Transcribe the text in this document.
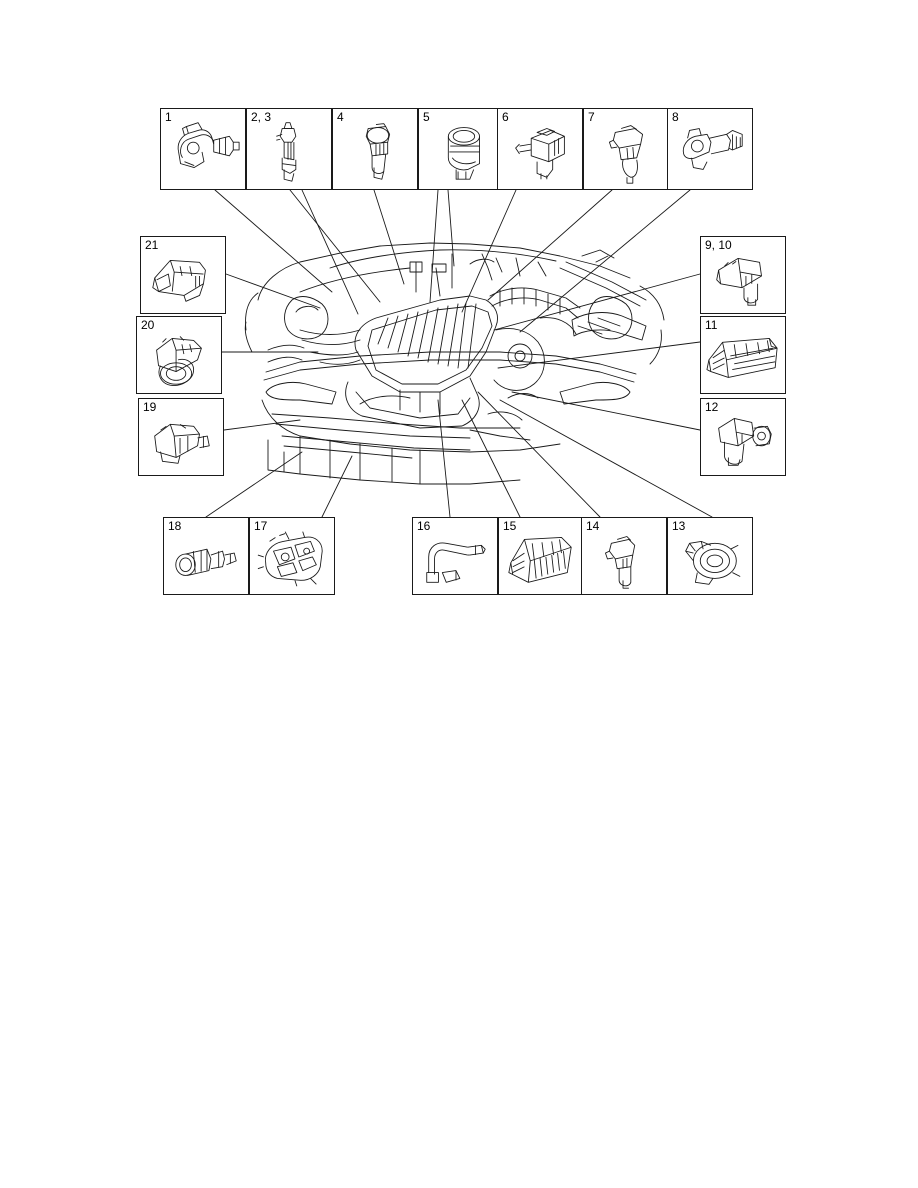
1	2, 3	4	5	6	7	8
21	9, 10
20	11
19	12
18	17	16	15	14	13
